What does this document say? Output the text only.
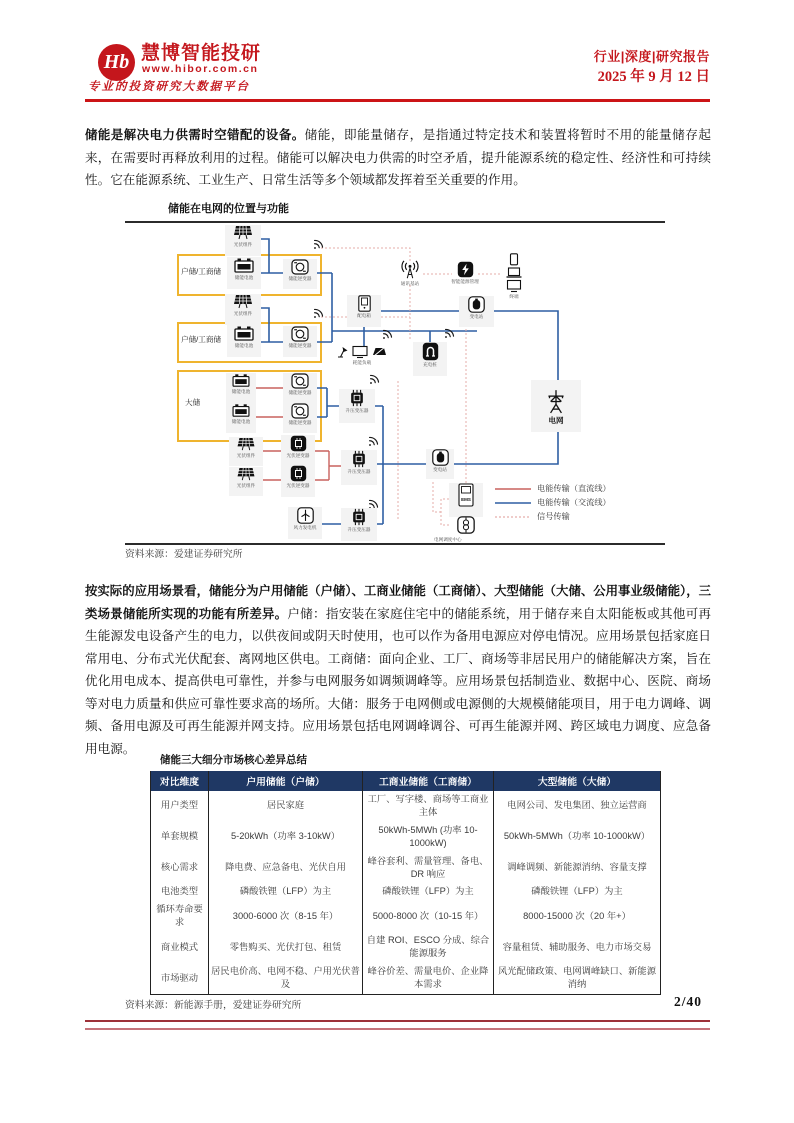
Hb 慧博智能投研
www.hibor.com.cn
专业的投资研究大数据平台
行业|深度|研究报告
2025 年 9 月 12 日

储能是解决电力供需时空错配的设备。储能，即能量储存，是指通过特定技术和装置将暂时不用的能量储存起来，在需要时再释放利用的过程。储能可以解决电力供需的时空矛盾，提升能源系统的稳定性、经济性和可持续性。它在能源系统、工业生产、日常生活等多个领域都发挥着至关重要的作用。

储能在电网的位置与功能
户储/工商储
户储/工商储
大储
光伏组件
储能电池	储能逆变器
光伏组件
储能电池	储能逆变器
储能电池	储能逆变器
储能电池	储能逆变器
升压变压器
光伏组件	光伏逆变器
光伏组件	光伏逆变器
升压变压器
风力发电机	升压变压器
配电箱
耗能负载	充电桩
通讯基站	智能能源管理
终端
变电站
变电站
电网
EMS
电网调度中心
电能传输（直流线）
电能传输（交流线）
信号传输
资料来源：爱建证券研究所

按实际的应用场景看，储能分为户用储能（户储）、工商业储能（工商储）、大型储能（大储、公用事业级储能），三类场景储能所实现的功能有所差异。户储：指安装在家庭住宅中的储能系统，用于储存来自太阳能板或其他可再生能源发电设备产生的电力，以供夜间或阴天时使用，也可以作为备用电源应对停电情况。应用场景包括家庭日常用电、分布式光伏配套、离网地区供电。工商储：面向企业、工厂、商场等非居民用户的储能解决方案，旨在优化用电成本、提高供电可靠性，并参与电网服务如调频调峰等。应用场景包括制造业、数据中心、医院、商场等对电力质量和供应可靠性要求高的场所。大储：服务于电网侧或电源侧的大规模储能项目，用于电力调峰、调频、备用电源及可再生能源并网支持。应用场景包括电网调峰调谷、可再生能源并网、跨区域电力调度、应急备用电源。

储能三大细分市场核心差异总结
对比维度	户用储能（户储）	工商业储能（工商储）	大型储能（大储）
用户类型	居民家庭	工厂、写字楼、商场等工商业主体	电网公司、发电集团、独立运营商
单套规模	5-20kWh（功率 3-10kW）	50kWh-5MWh (功率 10-1000kW)	50kWh-5MWh（功率 10-1000kW）
核心需求	降电费、应急备电、光伏自用	峰谷套利、需量管理、备电、DR 响应	调峰调频、新能源消纳、容量支撑
电池类型	磷酸铁锂（LFP）为主	磷酸铁锂（LFP）为主	磷酸铁锂（LFP）为主
循环寿命要求	3000-6000 次（8-15 年）	5000-8000 次（10-15 年）	8000-15000 次（20 年+）
商业模式	零售购买、光伏打包、租赁	自建 ROI、ESCO 分成、综合能源服务	容量租赁、辅助服务、电力市场交易
市场驱动	居民电价高、电网不稳、户用光伏普及	峰谷价差、需量电价、企业降本需求	风光配储政策、电网调峰缺口、新能源消纳
资料来源：新能源手册，爱建证券研究所	2/40
